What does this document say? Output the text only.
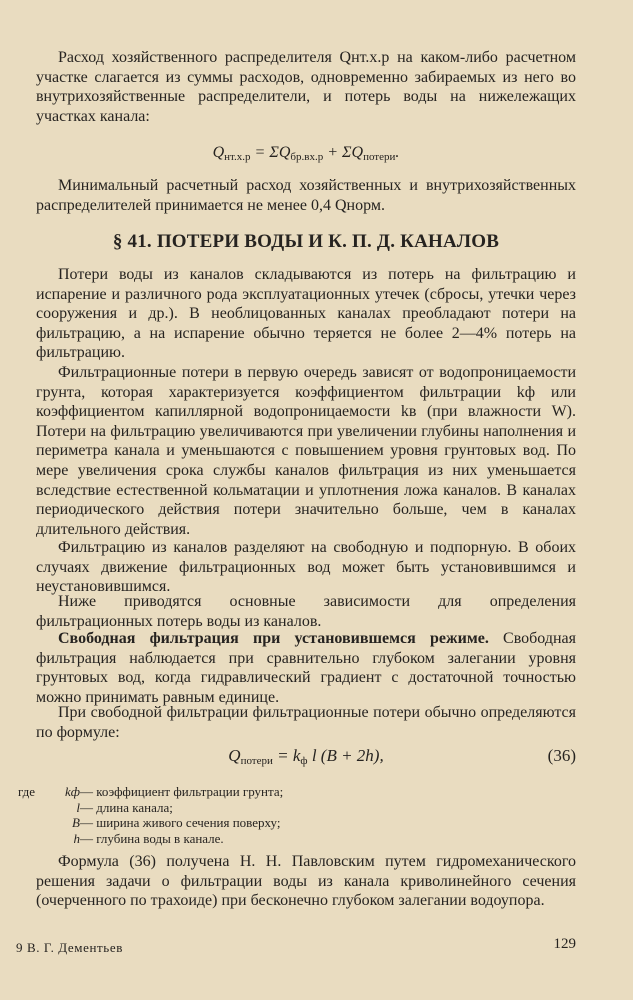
Расход хозяйственного распределителя Qнт.х.р на каком-либо расчетном участке слагается из суммы расходов, одновременно забираемых из него во внутрихозяйственные распределители, и потерь воды на нижележащих участках канала:

$Q_{нт.х.р} = \Sigma Q_{бр.вх.р} + \Sigma Q_{потери}$.

Минимальный расчетный расход хозяйственных и внутрихозяйственных распределителей принимается не менее 0,4 Qнорм.

§ 41. ПОТЕРИ ВОДЫ И К. П. Д. КАНАЛОВ

Потери воды из каналов складываются из потерь на фильтрацию и испарение и различного рода эксплуатационных утечек (сбросы, утечки через сооружения и др.). В необлицованных каналах преобладают потери на фильтрацию, а на испарение обычно теряется не более 2—4% потерь на фильтрацию.

Фильтрационные потери в первую очередь зависят от водопроницаемости грунта, которая характеризуется коэффициентом фильтрации kф или коэффициентом капиллярной водопроницаемости kв (при влажности W). Потери на фильтрацию увеличиваются при увеличении глубины наполнения и периметра канала и уменьшаются с повышением уровня грунтовых вод. По мере увеличения срока службы каналов фильтрация из них уменьшается вследствие естественной кольматации и уплотнения ложа каналов. В каналах периодического действия потери значительно больше, чем в каналах длительного действия.

Фильтрацию из каналов разделяют на свободную и подпорную. В обоих случаях движение фильтрационных вод может быть установившимся и неустановившимся.

Ниже приводятся основные зависимости для определения фильтрационных потерь воды из каналов.

Свободная фильтрация при установившемся режиме. Свободная фильтрация наблюдается при сравнительно глубоком залегании уровня грунтовых вод, когда гидравлический градиент с достаточной точностью можно принимать равным единице.

При свободной фильтрации фильтрационные потери обычно определяются по формуле:

Qпотери = kф l (B + 2h),	(36)
где kф— коэффициент фильтрации грунта;
l— длина канала;
B— ширина живого сечения поверху;
h— глубина воды в канале.

Формула (36) получена Н. Н. Павловским путем гидромеханического решения задачи о фильтрации воды из канала криволинейного сечения (очерченного по трахоиде) при бесконечно глубоком залегании водоупора.

9 В. Г. Дементьев	129
